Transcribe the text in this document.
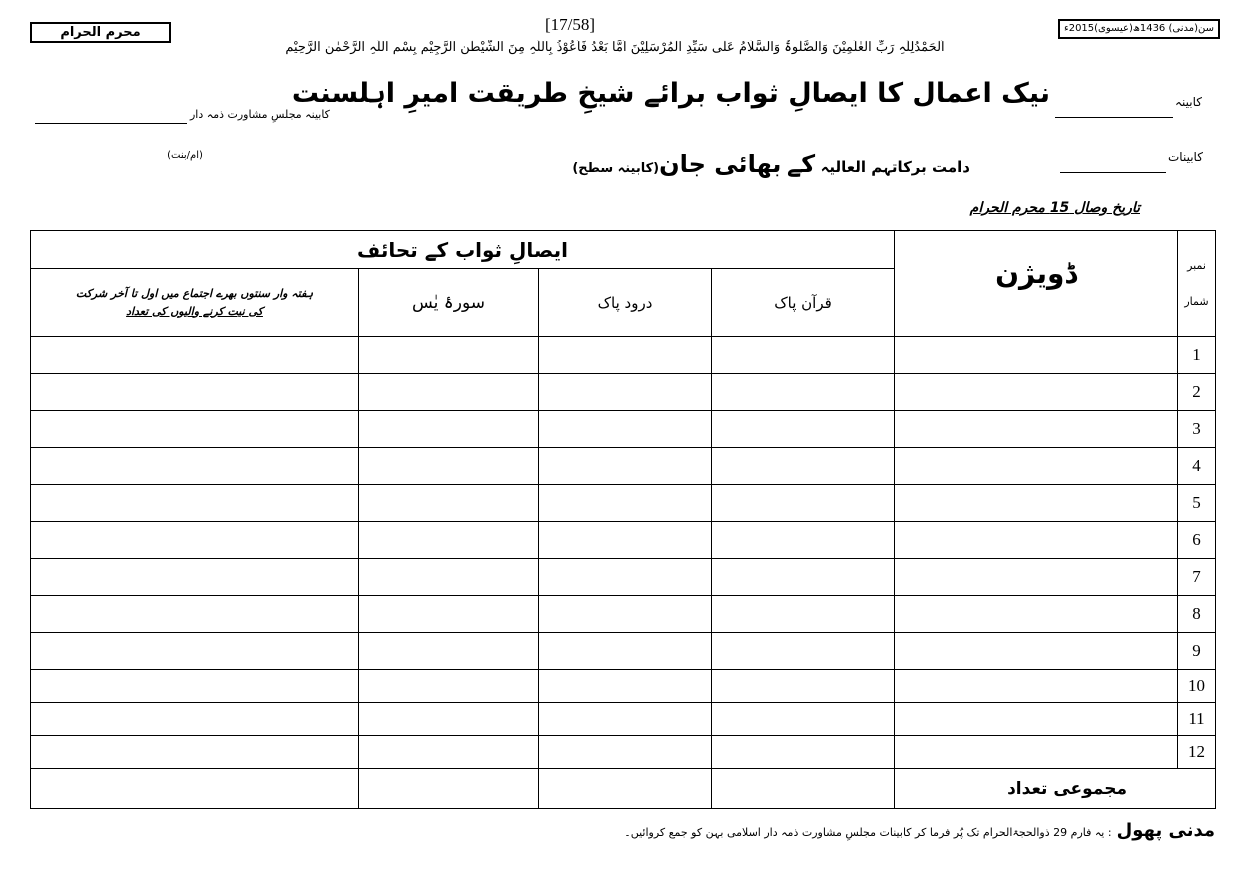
محرم الحرام	[17/58]	سن(مدنی) 1436ھ(عیسوی)2015ء
اَلْحَمْدُلِلّٰہِ رَبِّ الْعٰلَمِیْنَ وَالصَّلٰوۃُ وَالسَّلَامُ عَلٰی سَیِّدِ الْمُرْسَلِیْنَ اَمَّا بَعْدُ فَاَعُوْذُ بِاللّٰہِ مِنَ الشَّیْطٰنِ الرَّجِیْمِ بِسْمِ اللّٰہِ الرَّحْمٰنِ الرَّحِیْمِ
نیک اعمال کا ایصالِ ثواب برائے شیخِ طریقت امیرِ اہلسنت	کابینہ
کابینہ مجلسِ مشاورت ذمہ دار
(ام/بنت)
دامت برکاتہم العالیہ کے بھائی جان(کابینہ سطح)
کابینات
تاریخ وصال 15 محرم الحرام
ایصالِ ثواب کے تحائف				ڈویژن	نمبر
شمار

ہفتہ وار سنتوں بھرے اجتماع میں اول تا آخر شرکت
کی نیت کرنے والیوں کی تعداد	سورۂ یٰس	درود پاک	قرآن پاک		
					1
					2
					3
					4
					5
					6
					7
					8
					9
					10
					11
					12
				مجموعی تعداد	
مدنی پھول : یہ فارم 29 ذوالحجۃالحرام تک پُر فرما کر کابینات مجلسِ مشاورت ذمہ دار اسلامی بہن کو جمع کروائیں۔
